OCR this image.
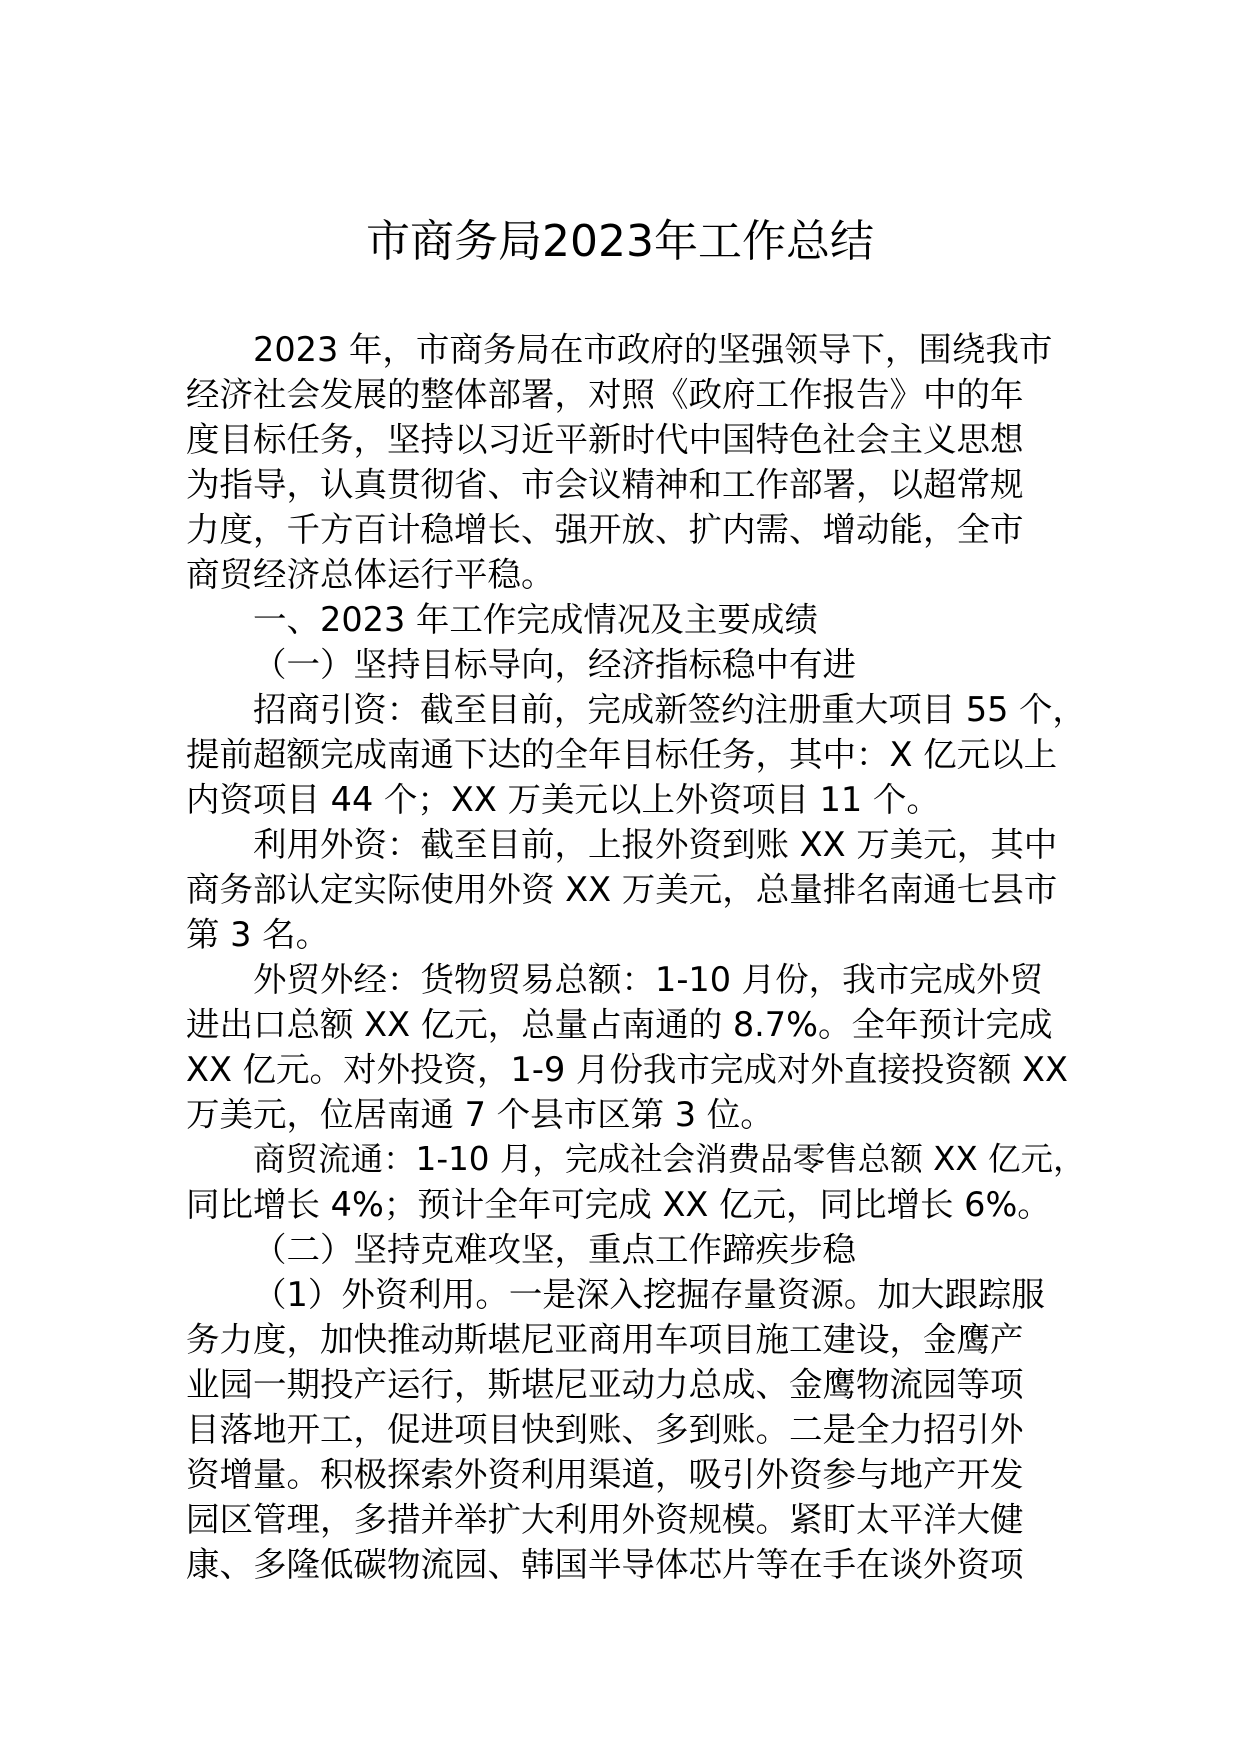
市商务局2023年工作总结
2023 年，市商务局在市政府的坚强领导下，围绕我市
经济社会发展的整体部署，对照《政府工作报告》中的年
度目标任务，坚持以习近平新时代中国特色社会主义思想
为指导，认真贯彻省、市会议精神和工作部署，以超常规
力度，千方百计稳增长、强开放、扩内需、增动能，全市
商贸经济总体运行平稳。
一、2023 年工作完成情况及主要成绩
（一）坚持目标导向，经济指标稳中有进
招商引资：截至目前，完成新签约注册重大项目 55 个，
提前超额完成南通下达的全年目标任务，其中：X 亿元以上
内资项目 44 个；XX 万美元以上外资项目 11 个。
利用外资：截至目前，上报外资到账 XX 万美元，其中
商务部认定实际使用外资 XX 万美元，总量排名南通七县市
第 3 名。
外贸外经：货物贸易总额：1-10 月份，我市完成外贸
进出口总额 XX 亿元，总量占南通的 8.7%。全年预计完成
XX 亿元。对外投资，1-9 月份我市完成对外直接投资额 XX
万美元，位居南通 7 个县市区第 3 位。
商贸流通：1-10 月，完成社会消费品零售总额 XX 亿元，
同比增长 4%；预计全年可完成 XX 亿元，同比增长 6%。
（二）坚持克难攻坚，重点工作蹄疾步稳
（1）外资利用。一是深入挖掘存量资源。加大跟踪服
务力度，加快推动斯堪尼亚商用车项目施工建设，金鹰产
业园一期投产运行，斯堪尼亚动力总成、金鹰物流园等项
目落地开工，促进项目快到账、多到账。二是全力招引外
资增量。积极探索外资利用渠道，吸引外资参与地产开发
园区管理，多措并举扩大利用外资规模。紧盯太平洋大健
康、多隆低碳物流园、韩国半导体芯片等在手在谈外资项
